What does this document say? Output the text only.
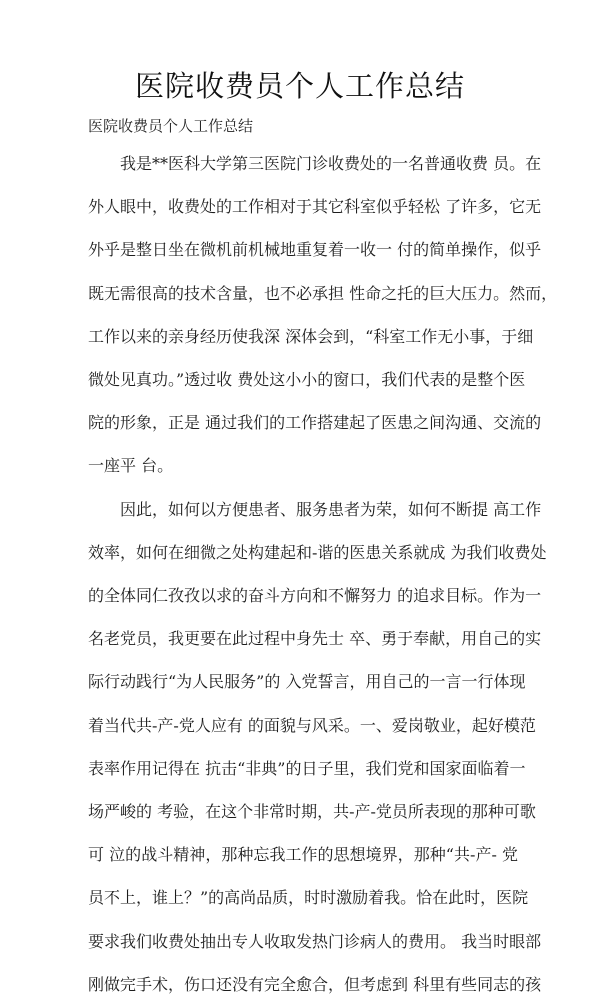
医院收费员个人工作总结
医院收费员个人工作总结
我是**医科大学第三医院门诊收费处的一名普通收费 员。在
外人眼中，收费处的工作相对于其它科室似乎轻松 了许多，它无
外乎是整日坐在微机前机械地重复着一收一 付的简单操作，似乎
既无需很高的技术含量，也不必承担 性命之托的巨大压力。然而，
工作以来的亲身经历使我深 深体会到，“科室工作无小事，于细
微处见真功。”透过收 费处这小小的窗口，我们代表的是整个医
院的形象，正是 通过我们的工作搭建起了医患之间沟通、交流的
一座平 台。
因此，如何以方便患者、服务患者为荣，如何不断提 高工作
效率，如何在细微之处构建起和-谐的医患关系就成 为我们收费处
的全体同仁孜孜以求的奋斗方向和不懈努力 的追求目标。作为一
名老党员，我更要在此过程中身先士 卒、勇于奉献，用自己的实
际行动践行“为人民服务”的 入党誓言，用自己的一言一行体现
着当代共-产-党人应有 的面貌与风采。一、爱岗敬业，起好模范
表率作用记得在 抗击“非典”的日子里，我们党和国家面临着一
场严峻的 考验，在这个非常时期，共-产-党员所表现的那种可歌
可 泣的战斗精神，那种忘我工作的思想境界，那种“共-产- 党
员不上，谁上？”的高尚品质，时时激励着我。恰在此时，医院
要求我们收费处抽出专人收取发热门诊病人的费用。 我当时眼部
刚做完手术，伤口还没有完全愈合，但考虑到 科里有些同志的孩
